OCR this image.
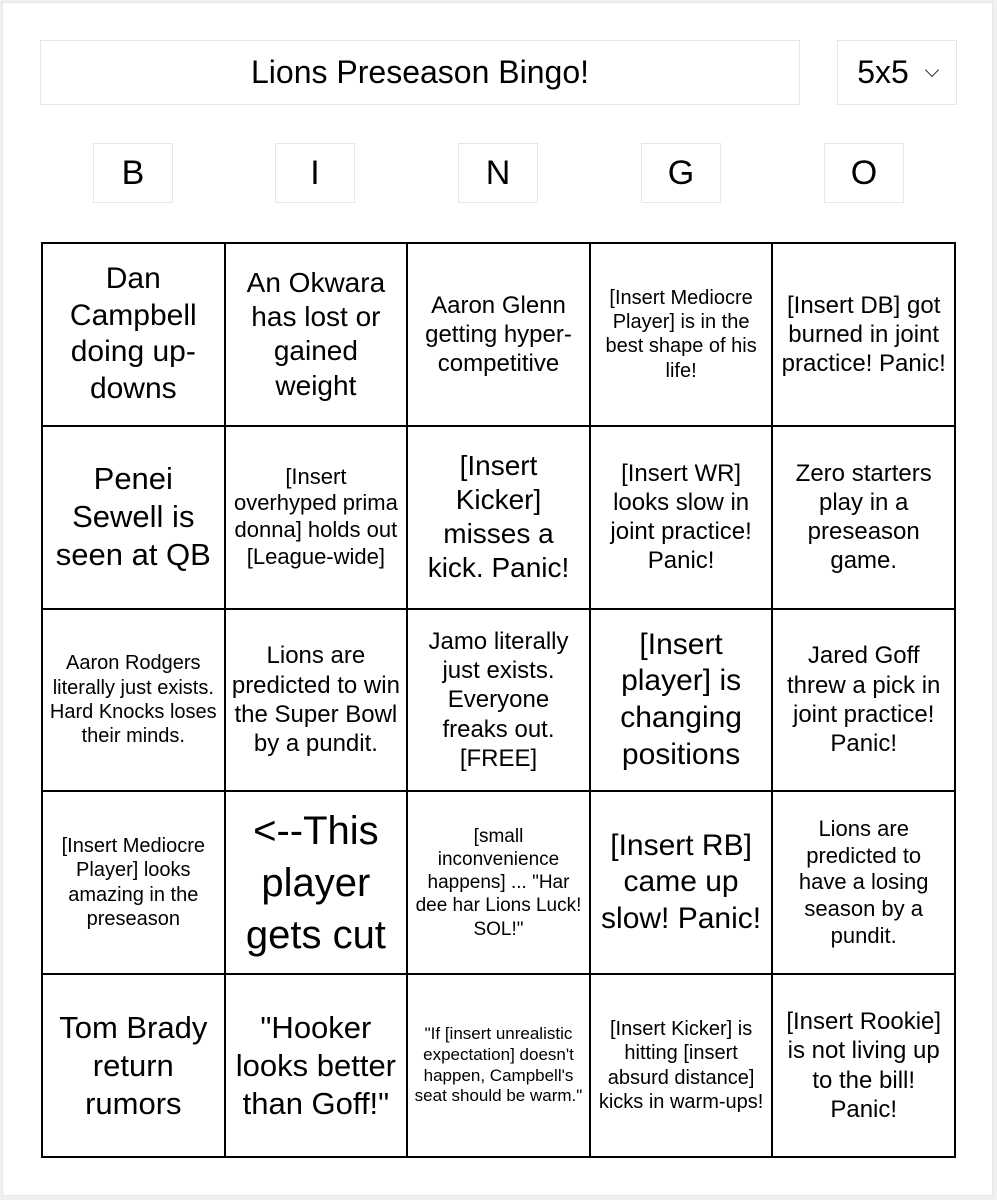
Lions Preseason Bingo!	5x5
B	I	N	G	O
Dan Campbell doing up-downs
An Okwara has lost or gained weight
Aaron Glenn getting hyper-competitive
[Insert Mediocre Player] is in the best shape of his life!
[Insert DB] got burned in joint practice! Panic!
Penei Sewell is seen at QB
[Insert overhyped prima donna] holds out [League-wide]
[Insert Kicker] misses a kick. Panic!
[Insert WR] looks slow in joint practice! Panic!
Zero starters play in a preseason game.
Aaron Rodgers literally just exists. Hard Knocks loses their minds.
Lions are predicted to win the Super Bowl by a pundit.
Jamo literally just exists. Everyone freaks out. [FREE]
[Insert player] is changing positions
Jared Goff threw a pick in joint practice! Panic!
[Insert Mediocre Player] looks amazing in the preseason
<--This player gets cut
[small inconvenience happens] ... "Har dee har Lions Luck! SOL!"
[Insert RB] came up slow! Panic!
Lions are predicted to have a losing season by a pundit.
Tom Brady return rumors
"Hooker looks better than Goff!"
"If [insert unrealistic expectation] doesn't happen, Campbell's seat should be warm."
[Insert Kicker] is hitting [insert absurd distance] kicks in warm-ups!
[Insert Rookie] is not living up to the bill! Panic!
